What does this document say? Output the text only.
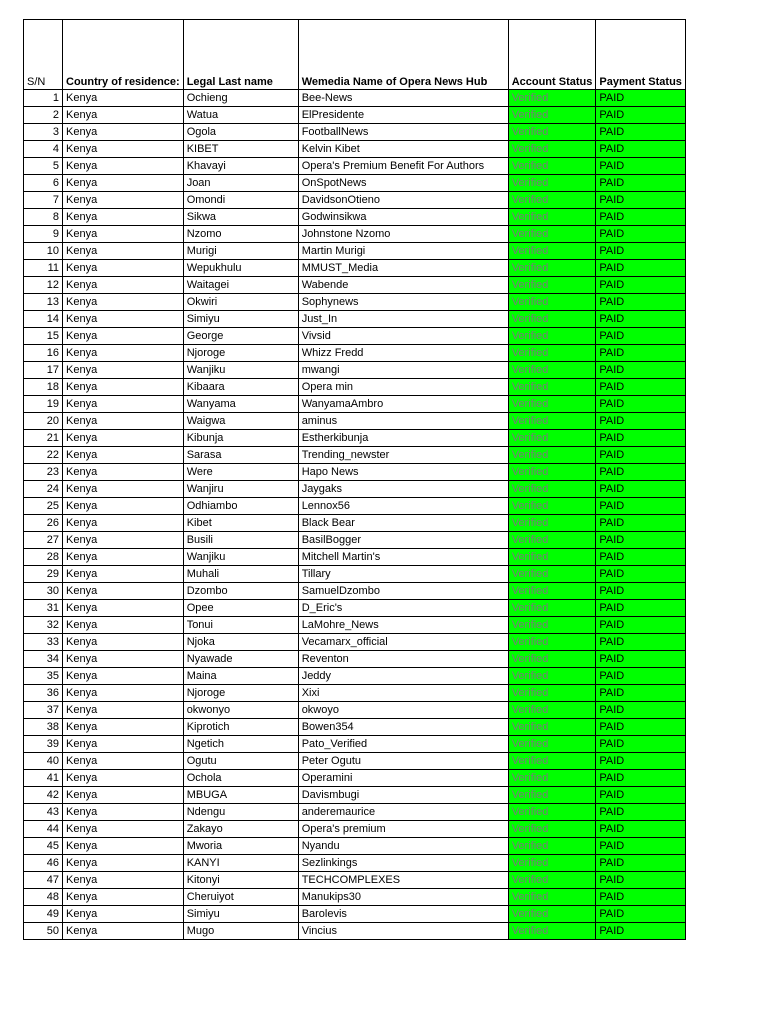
S/N	Country of residence:	Legal Last name	Wemedia Name of Opera News Hub	Account Status	Payment Status
1	Kenya	Ochieng	Bee-News	Verified	PAID
2	Kenya	Watua	ElPresidente	Verified	PAID
3	Kenya	Ogola	FootballNews	Verified	PAID
4	Kenya	KIBET	Kelvin Kibet	Verified	PAID
5	Kenya	Khavayi	Opera's Premium Benefit For Authors	Verified	PAID
6	Kenya	Joan	OnSpotNews	Verified	PAID
7	Kenya	Omondi	DavidsonOtieno	Verified	PAID
8	Kenya	Sikwa	Godwinsikwa	Verified	PAID
9	Kenya	Nzomo	Johnstone Nzomo	Verified	PAID
10	Kenya	Murigi	Martin Murigi	Verified	PAID
11	Kenya	Wepukhulu	MMUST_Media	Verified	PAID
12	Kenya	Waitagei	Wabende	Verified	PAID
13	Kenya	Okwiri	Sophynews	Verified	PAID
14	Kenya	Simiyu	Just_In	Verified	PAID
15	Kenya	George	Vivsid	Verified	PAID
16	Kenya	Njoroge	Whizz Fredd	Verified	PAID
17	Kenya	Wanjiku	mwangi	Verified	PAID
18	Kenya	Kibaara	Opera min	Verified	PAID
19	Kenya	Wanyama	WanyamaAmbro	Verified	PAID
20	Kenya	Waigwa	aminus	Verified	PAID
21	Kenya	Kibunja	Estherkibunja	Verified	PAID
22	Kenya	Sarasa	Trending_newster	Verified	PAID
23	Kenya	Were	Hapo News	Verified	PAID
24	Kenya	Wanjiru	Jaygaks	Verified	PAID
25	Kenya	Odhiambo	Lennox56	Verified	PAID
26	Kenya	Kibet	Black Bear	Verified	PAID
27	Kenya	Busili	BasilBogger	Verified	PAID
28	Kenya	Wanjiku	Mitchell Martin's	Verified	PAID
29	Kenya	Muhali	Tillary	Verified	PAID
30	Kenya	Dzombo	SamuelDzombo	Verified	PAID
31	Kenya	Opee	D_Eric's	Verified	PAID
32	Kenya	Tonui	LaMohre_News	Verified	PAID
33	Kenya	Njoka	Vecamarx_official	Verified	PAID
34	Kenya	Nyawade	Reventon	Verified	PAID
35	Kenya	Maina	Jeddy	Verified	PAID
36	Kenya	Njoroge	Xixi	Verified	PAID
37	Kenya	okwonyo	okwoyo	Verified	PAID
38	Kenya	Kiprotich	Bowen354	Verified	PAID
39	Kenya	Ngetich	Pato_Verified	Verified	PAID
40	Kenya	Ogutu	Peter Ogutu	Verified	PAID
41	Kenya	Ochola	Operamini	Verified	PAID
42	Kenya	MBUGA	Davismbugi	Verified	PAID
43	Kenya	Ndengu	anderemaurice	Verified	PAID
44	Kenya	Zakayo	Opera's premium	Verified	PAID
45	Kenya	Mworia	Nyandu	Verified	PAID
46	Kenya	KANYI	Sezlinkings	Verified	PAID
47	Kenya	Kitonyi	TECHCOMPLEXES	Verified	PAID
48	Kenya	Cheruiyot	Manukips30	Verified	PAID
49	Kenya	Simiyu	Barolevis	Verified	PAID
50	Kenya	Mugo	Vincius	Verified	PAID
